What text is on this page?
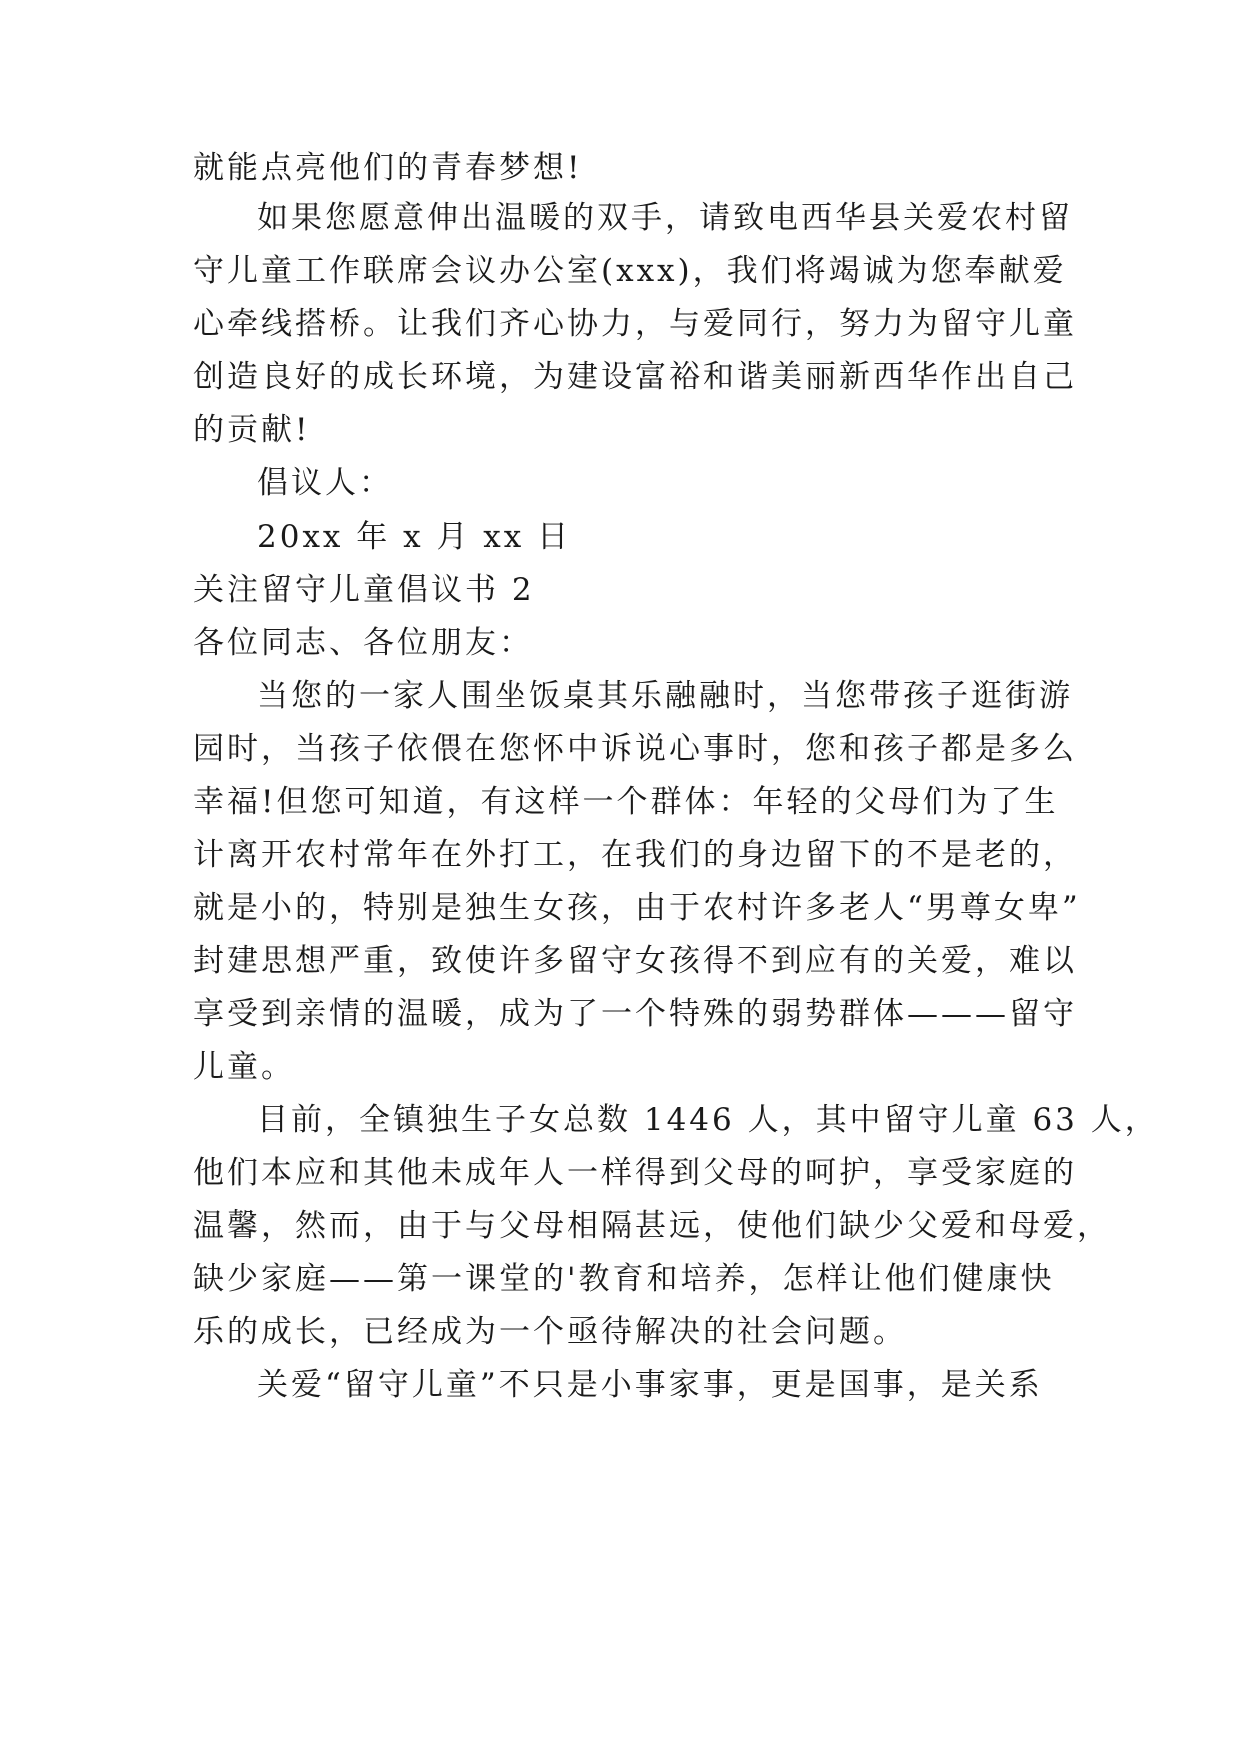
就能点亮他们的青春梦想!
如果您愿意伸出温暖的双手，请致电西华县关爱农村留
守儿童工作联席会议办公室(xxx)，我们将竭诚为您奉献爱
心牵线搭桥。让我们齐心协力，与爱同行，努力为留守儿童
创造良好的成长环境，为建设富裕和谐美丽新西华作出自己
的贡献!
倡议人：
20xx 年 x 月 xx 日
关注留守儿童倡议书 2
各位同志、各位朋友：
当您的一家人围坐饭桌其乐融融时，当您带孩子逛街游
园时，当孩子依偎在您怀中诉说心事时，您和孩子都是多么
幸福!但您可知道，有这样一个群体：年轻的父母们为了生
计离开农村常年在外打工，在我们的身边留下的不是老的，
就是小的，特别是独生女孩，由于农村许多老人“男尊女卑”
封建思想严重，致使许多留守女孩得不到应有的关爱，难以
享受到亲情的温暖，成为了一个特殊的弱势群体———留守
儿童。
目前，全镇独生子女总数 1446 人，其中留守儿童 63 人，
他们本应和其他未成年人一样得到父母的呵护，享受家庭的
温馨，然而，由于与父母相隔甚远，使他们缺少父爱和母爱，
缺少家庭——第一课堂的'教育和培养，怎样让他们健康快
乐的成长，已经成为一个亟待解决的社会问题。
关爱“留守儿童”不只是小事家事，更是国事，是关系
